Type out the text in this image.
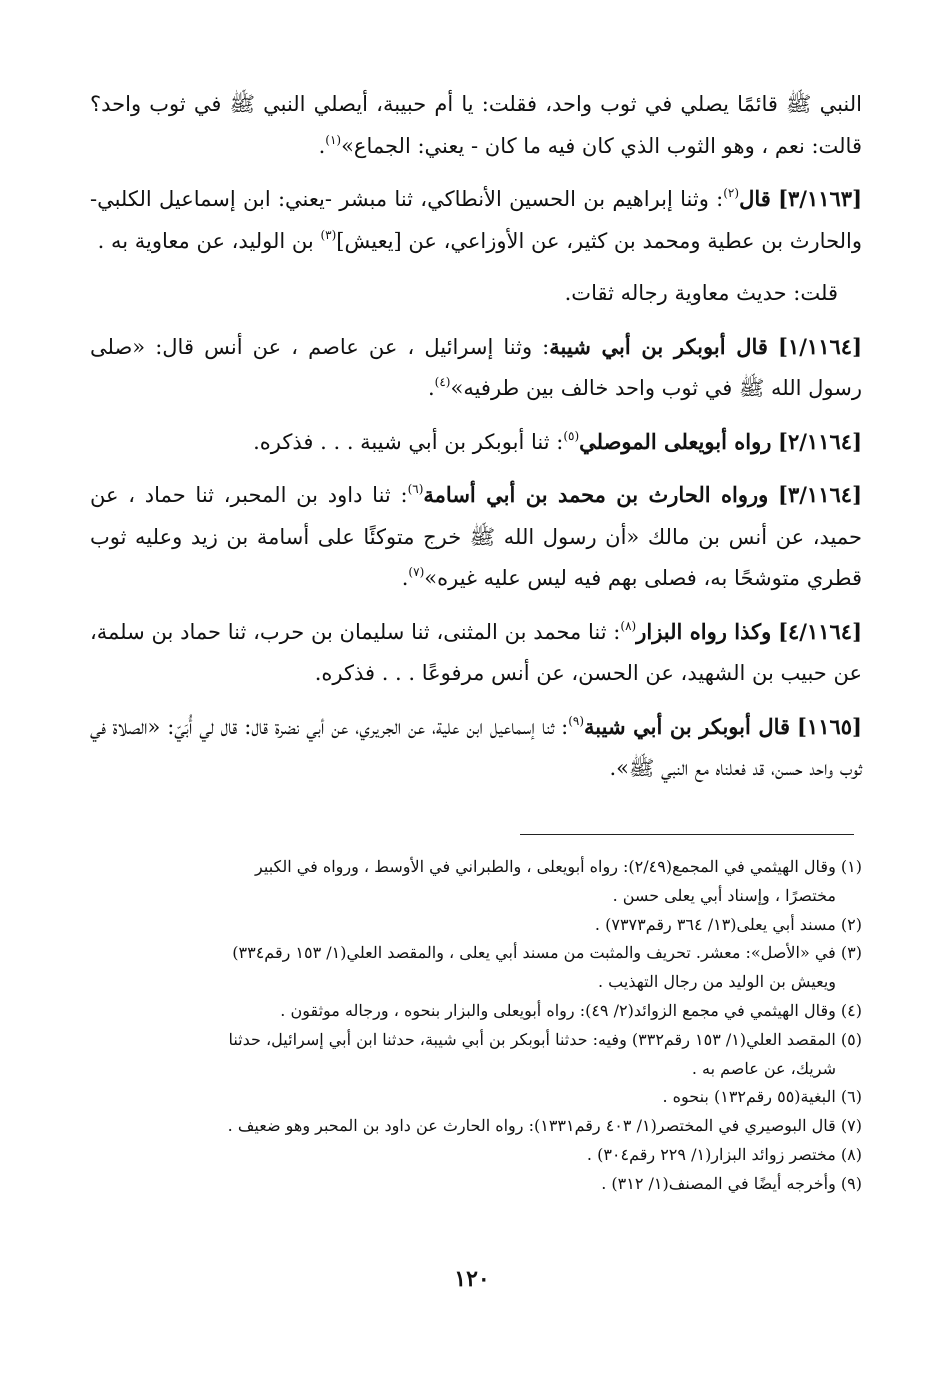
النبي ﷺ قائمًا يصلي في ثوب واحد، فقلت: يا أم حبيبة، أيصلي النبي ﷺ في ثوب واحد؟ قالت: نعم ، وهو الثوب الذي كان فيه ما كان - يعني: الجماع»$^{(١)}$.

[٣/١١٦٣] قال$^{(٢)}$: وثنا إبراهيم بن الحسين الأنطاكي، ثنا مبشر -يعني: ابن إسماعيل الكلبي- والحارث بن عطية ومحمد بن كثير، عن الأوزاعي، عن [يعيش]$^{(٣)}$ بن الوليد، عن معاوية به .

قلت: حديث معاوية رجاله ثقات.

[١/١١٦٤] قال أبوبكر بن أبي شيبة: وثنا إسرائيل ، عن عاصم ، عن أنس قال: «صلى رسول الله ﷺ في ثوب واحد خالف بين طرفيه»$^{(٤)}$.

[٢/١١٦٤] رواه أبويعلى الموصلي$^{(٥)}$: ثنا أبوبكر بن أبي شيبة . . . فذكره.

[٣/١١٦٤] ورواه الحارث بن محمد بن أبي أسامة$^{(٦)}$: ثنا داود بن المحبر، ثنا حماد ، عن حميد، عن أنس بن مالك «أن رسول الله ﷺ خرج متوكئًا على أسامة بن زيد وعليه ثوب قطري متوشحًا به، فصلى بهم فيه ليس عليه غيره»$^{(٧)}$.

[٤/١١٦٤] وكذا رواه البزار$^{(٨)}$: ثنا محمد بن المثنى، ثنا سليمان بن حرب، ثنا حماد بن سلمة، عن حبيب بن الشهيد، عن الحسن، عن أنس مرفوعًا . . . فذكره.

[١١٦٥] قال أبوبكر بن أبي شيبة$^{(٩)}$: ثنا إسماعيل ابن علية، عن الجريري، عن أبي نضرة قال: قال لي أُبَيّ: «الصلاة في ثوب واحد حسن، قد فعلناه مع النبي ﷺ».

(١) وقال الهيثمي في المجمع(٢/٤٩): رواه أبويعلى ، والطبراني في الأوسط ، ورواه في الكبير
مختصرًا ، وإسناد أبي يعلى حسن .

(٢) مسند أبي يعلى(١٣/ ٣٦٤ رقم٧٣٧٣) .

(٣) في «الأصل»: معشر. تحريف والمثبت من مسند أبي يعلى ، والمقصد العلي(١/ ١٥٣ رقم٣٣٤)
ويعيش بن الوليد من رجال التهذيب .

(٤) وقال الهيثمي في مجمع الزوائد(٢/ ٤٩): رواه أبويعلى والبزار بنحوه ، ورجاله موثقون .

(٥) المقصد العلي(١/ ١٥٣ رقم٣٣٢) وفيه: حدثنا أبوبكر بن أبي شيبة، حدثنا ابن أبي إسرائيل، حدثنا
شريك، عن عاصم به .

(٦) البغية(٥٥ رقم١٣٢) بنحوه .

(٧) قال البوصيري في المختصر(١/ ٤٠٣ رقم١٣٣١): رواه الحارث عن داود بن المحبر وهو ضعيف .

(٨) مختصر زوائد البزار(١/ ٢٢٩ رقم٣٠٤) .

(٩) وأخرجه أيضًا في المصنف(١/ ٣١٢) .

١٢٠
